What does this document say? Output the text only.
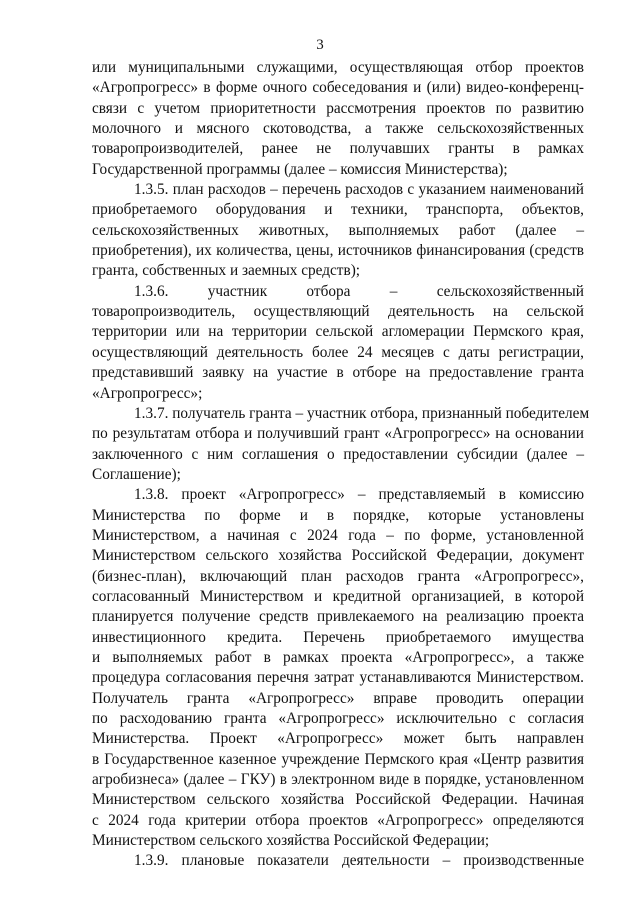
3
или муниципальными служащими, осуществляющая отбор проектов
«Агропрогресс» в форме очного собеседования и (или) видео-конференц-
связи с учетом приоритетности рассмотрения проектов по развитию
молочного и мясного скотоводства, а также сельскохозяйственных
товаропроизводителей, ранее не получавших гранты в рамках
Государственной программы (далее – комиссия Министерства);
1.3.5. план расходов – перечень расходов с указанием наименований
приобретаемого оборудования и техники, транспорта, объектов,
сельскохозяйственных животных, выполняемых работ (далее –
приобретения), их количества, цены, источников финансирования (средств
гранта, собственных и заемных средств);
1.3.6. участник отбора – сельскохозяйственный
товаропроизводитель, осуществляющий деятельность на сельской
территории или на территории сельской агломерации Пермского края,
осуществляющий деятельность более 24 месяцев с даты регистрации,
представивший заявку на участие в отборе на предоставление гранта
«Агропрогресс»;
1.3.7. получатель гранта – участник отбора, признанный победителем
по результатам отбора и получивший грант «Агропрогресс» на основании
заключенного с ним соглашения о предоставлении субсидии (далее –
Соглашение);
1.3.8. проект «Агропрогресс» – представляемый в комиссию
Министерства по форме и в порядке, которые установлены
Министерством, а начиная с 2024 года – по форме, установленной
Министерством сельского хозяйства Российской Федерации, документ
(бизнес-план), включающий план расходов гранта «Агропрогресс»,
согласованный Министерством и кредитной организацией, в которой
планируется получение средств привлекаемого на реализацию проекта
инвестиционного кредита. Перечень приобретаемого имущества
и выполняемых работ в рамках проекта «Агропрогресс», а также
процедура согласования перечня затрат устанавливаются Министерством.
Получатель гранта «Агропрогресс» вправе проводить операции
по расходованию гранта «Агропрогресс» исключительно с согласия
Министерства. Проект «Агропрогресс» может быть направлен
в Государственное казенное учреждение Пермского края «Центр развития
агробизнеса» (далее – ГКУ) в электронном виде в порядке, установленном
Министерством сельского хозяйства Российской Федерации. Начиная
с 2024 года критерии отбора проектов «Агропрогресс» определяются
Министерством сельского хозяйства Российской Федерации;
1.3.9. плановые показатели деятельности – производственные
